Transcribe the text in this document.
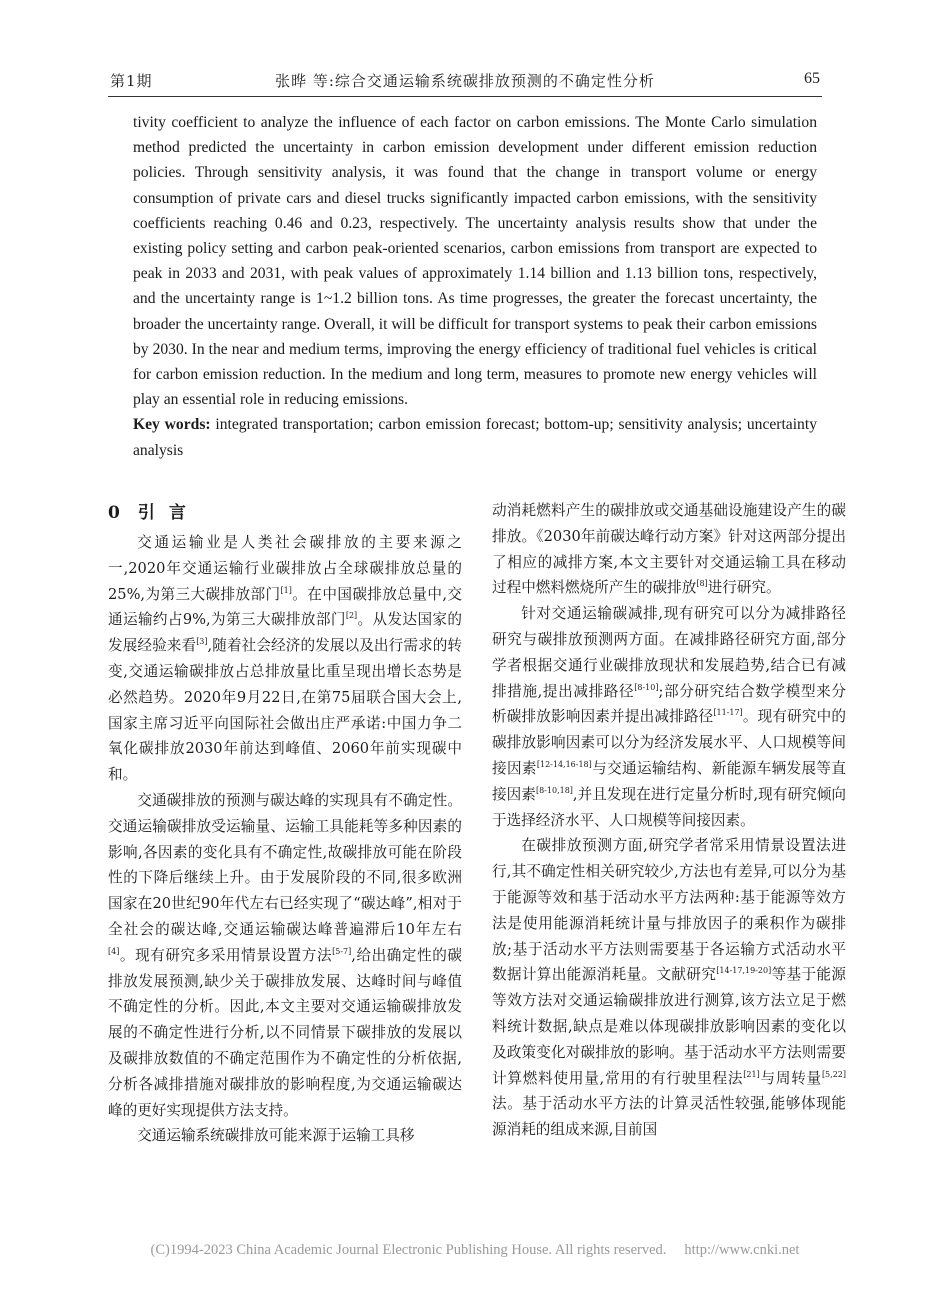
第1期	张晔 等:综合交通运输系统碳排放预测的不确定性分析	65

tivity coefficient to analyze the influence of each factor on carbon emissions. The Monte Carlo simulation method predicted the uncertainty in carbon emission development under different emission reduction policies. Through sensitivity analysis, it was found that the change in transport volume or energy consumption of private cars and diesel trucks significantly impacted carbon emissions, with the sensitivity coefficients reaching 0.46 and 0.23, respectively. The uncertainty analysis results show that under the existing policy setting and carbon peak-oriented scenarios, carbon emissions from transport are expected to peak in 2033 and 2031, with peak values of approximately 1.14 billion and 1.13 billion tons, respectively, and the uncertainty range is 1~1.2 billion tons. As time progresses, the greater the forecast uncertainty, the broader the uncertainty range. Overall, it will be difficult for transport systems to peak their carbon emissions by 2030. In the near and medium terms, improving the energy efficiency of traditional fuel vehicles is critical for carbon emission reduction. In the medium and long term, measures to promote new energy vehicles will play an essential role in reducing emissions.

Key words: integrated transportation; carbon emission forecast; bottom-up; sensitivity analysis; uncertainty analysis

0 引言

交通运输业是人类社会碳排放的主要来源之一,2020年交通运输行业碳排放占全球碳排放总量的25%,为第三大碳排放部门[1]。在中国碳排放总量中,交通运输约占9%,为第三大碳排放部门[2]。从发达国家的发展经验来看[3],随着社会经济的发展以及出行需求的转变,交通运输碳排放占总排放量比重呈现出增长态势是必然趋势。2020年9月22日,在第75届联合国大会上,国家主席习近平向国际社会做出庄严承诺:中国力争二氧化碳排放2030年前达到峰值、2060年前实现碳中和。

交通碳排放的预测与碳达峰的实现具有不确定性。交通运输碳排放受运输量、运输工具能耗等多种因素的影响,各因素的变化具有不确定性,故碳排放可能在阶段性的下降后继续上升。由于发展阶段的不同,很多欧洲国家在20世纪90年代左右已经实现了“碳达峰”,相对于全社会的碳达峰,交通运输碳达峰普遍滞后10年左右[4]。现有研究多采用情景设置方法[5-7],给出确定性的碳排放发展预测,缺少关于碳排放发展、达峰时间与峰值不确定性的分析。因此,本文主要对交通运输碳排放发展的不确定性进行分析,以不同情景下碳排放的发展以及碳排放数值的不确定范围作为不确定性的分析依据,分析各减排措施对碳排放的影响程度,为交通运输碳达峰的更好实现提供方法支持。

交通运输系统碳排放可能来源于运输工具移

动消耗燃料产生的碳排放或交通基础设施建设产生的碳排放。《2030年前碳达峰行动方案》针对这两部分提出了相应的减排方案,本文主要针对交通运输工具在移动过程中燃料燃烧所产生的碳排放[8]进行研究。

针对交通运输碳减排,现有研究可以分为减排路径研究与碳排放预测两方面。在减排路径研究方面,部分学者根据交通行业碳排放现状和发展趋势,结合已有减排措施,提出减排路径[8-10];部分研究结合数学模型来分析碳排放影响因素并提出减排路径[11-17]。现有研究中的碳排放影响因素可以分为经济发展水平、人口规模等间接因素[12-14,16-18]与交通运输结构、新能源车辆发展等直接因素[8-10,18],并且发现在进行定量分析时,现有研究倾向于选择经济水平、人口规模等间接因素。

在碳排放预测方面,研究学者常采用情景设置法进行,其不确定性相关研究较少,方法也有差异,可以分为基于能源等效和基于活动水平方法两种:基于能源等效方法是使用能源消耗统计量与排放因子的乘积作为碳排放;基于活动水平方法则需要基于各运输方式活动水平数据计算出能源消耗量。文献研究[14-17,19-20]等基于能源等效方法对交通运输碳排放进行测算,该方法立足于燃料统计数据,缺点是难以体现碳排放影响因素的变化以及政策变化对碳排放的影响。基于活动水平方法则需要计算燃料使用量,常用的有行驶里程法[21]与周转量[5,22]法。基于活动水平方法的计算灵活性较强,能够体现能源消耗的组成来源,目前国

(C)1994-2023 China Academic Journal Electronic Publishing House. All rights reserved. http://www.cnki.net
